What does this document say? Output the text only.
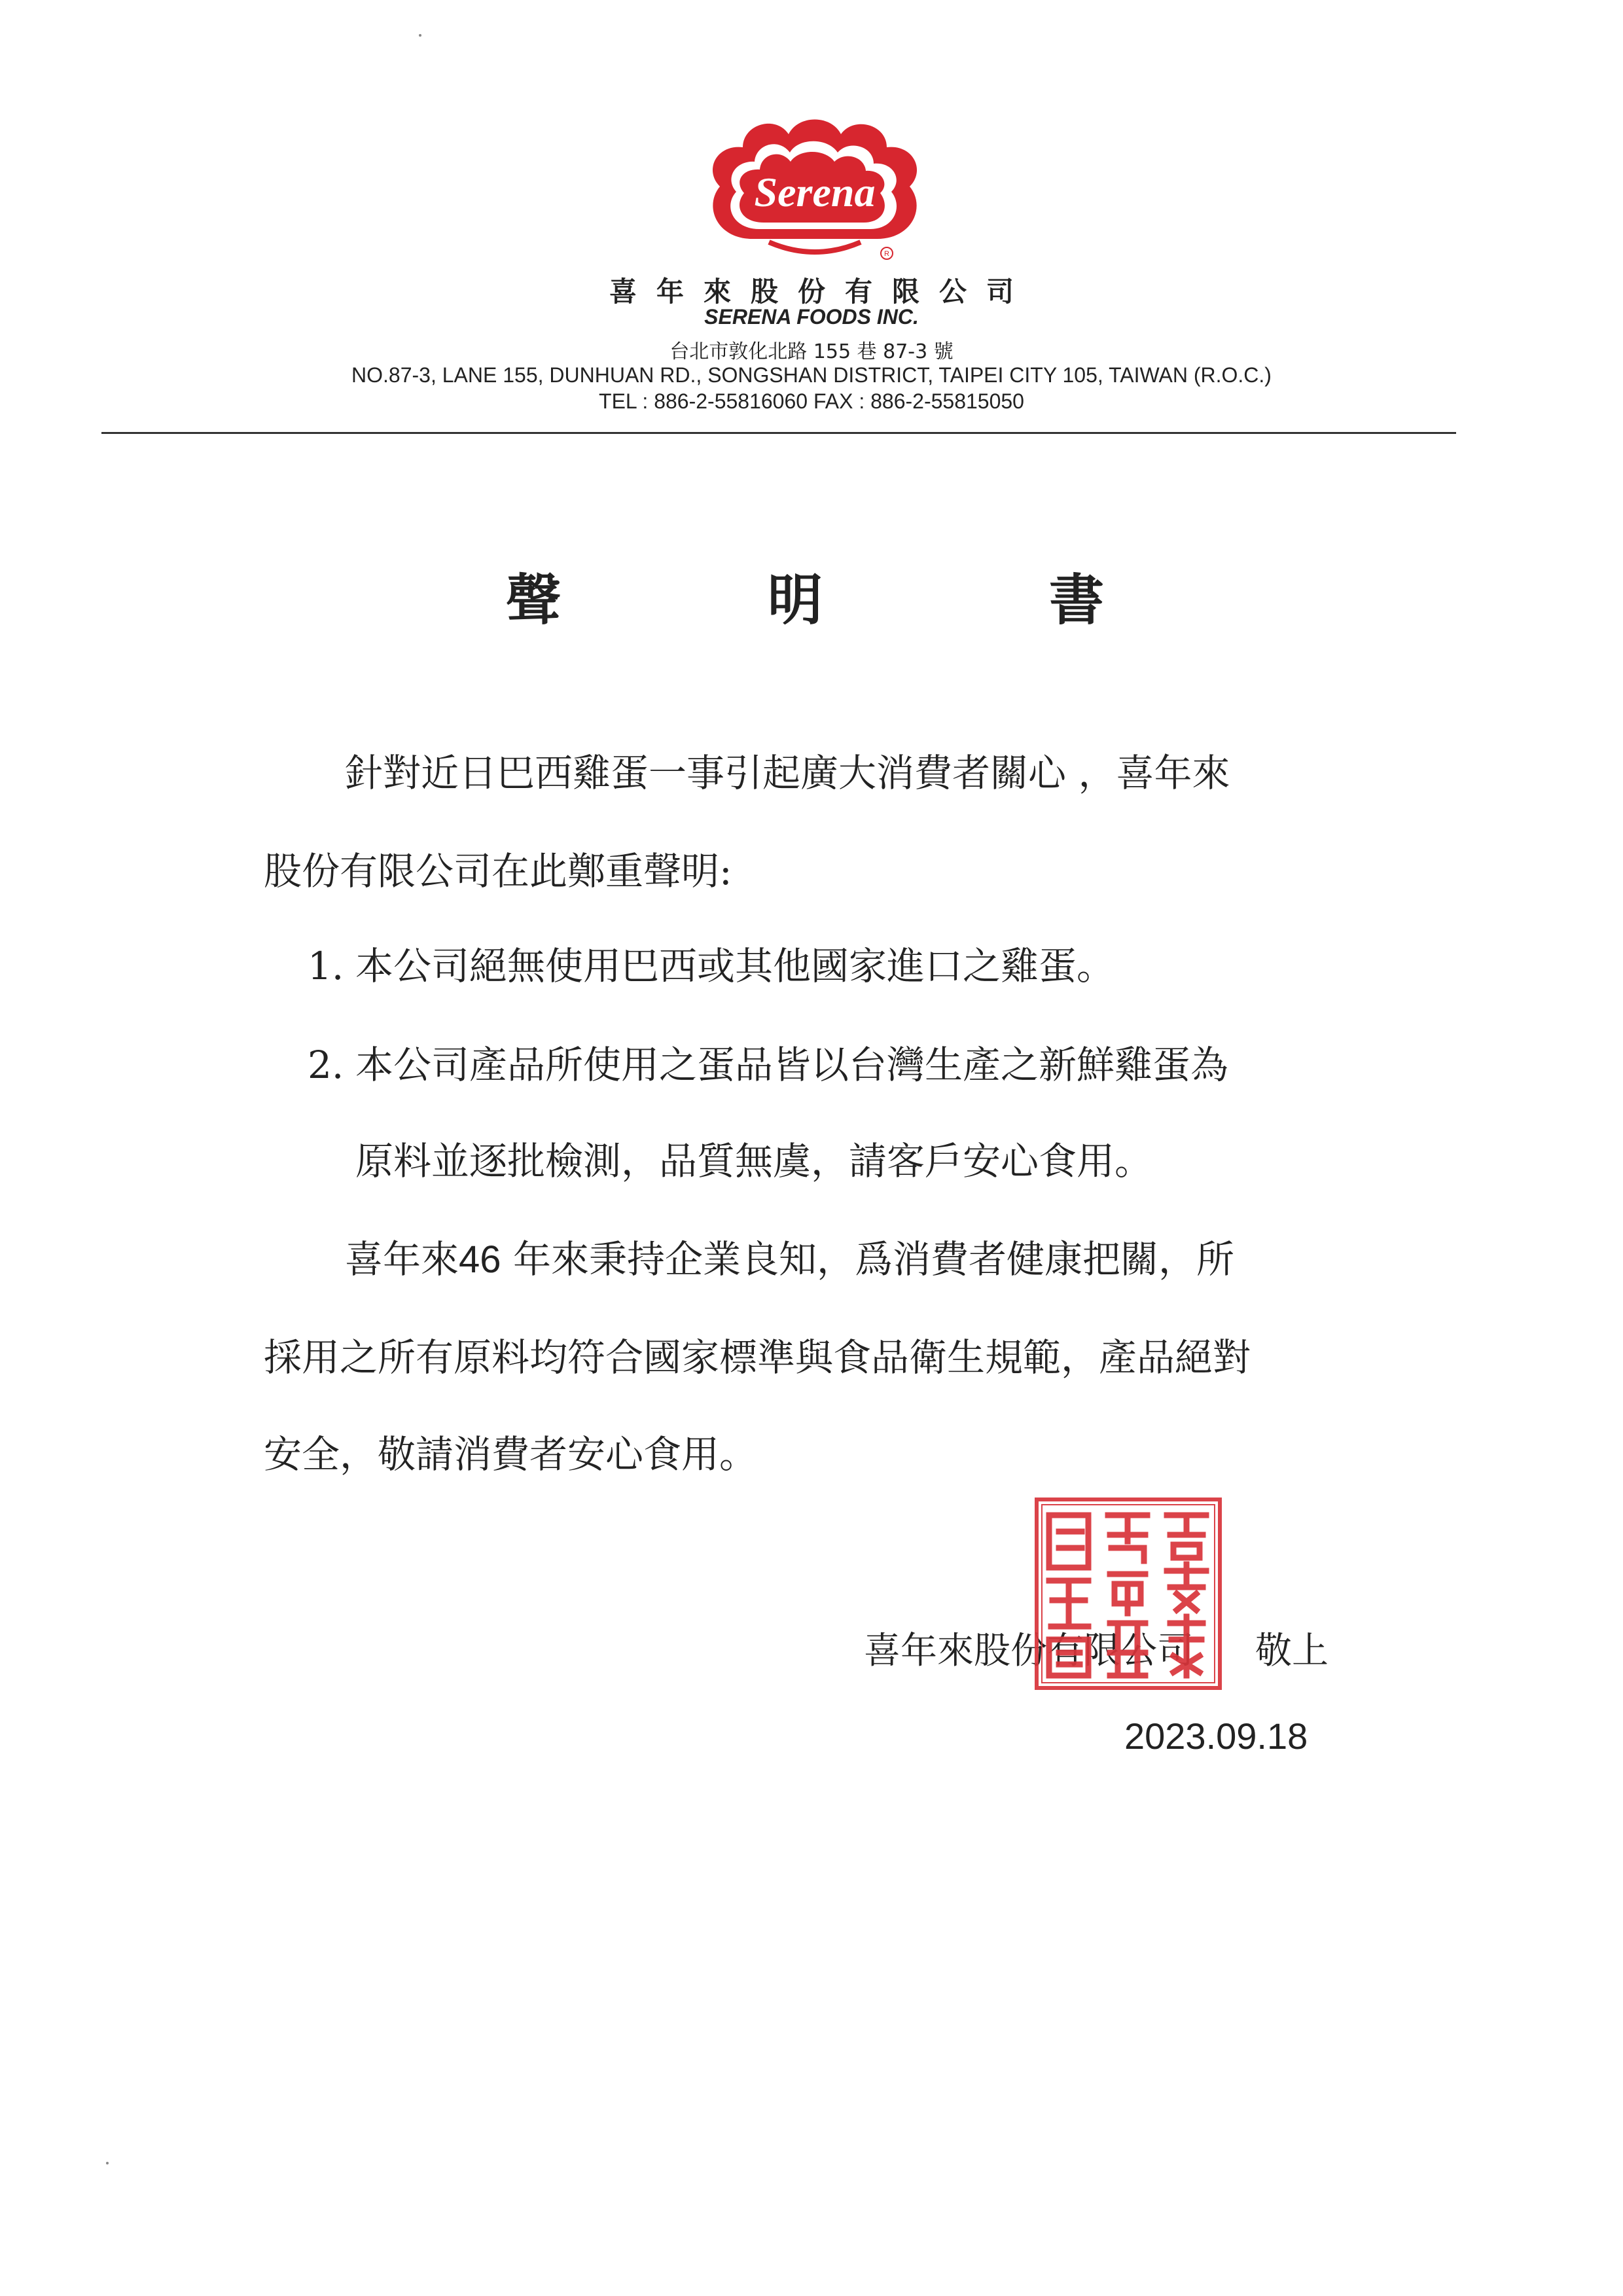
Serena
R
喜年來股份有限公司
SERENA FOODS INC.
台北市敦化北路 155 巷 87-3 號
NO.87-3, LANE 155, DUNHUAN RD., SONGSHAN DISTRICT, TAIPEI CITY 105, TAIWAN (R.O.C.)
TEL : 886-2-55816060 FAX : 886-2-55815050
聲	明	書
針對近日巴西雞蛋一事引起廣大消費者關心 ，喜年來
股份有限公司在此鄭重聲明:
1. 本公司絕無使用巴西或其他國家進口之雞蛋。
2. 本公司產品所使用之蛋品皆以台灣生產之新鮮雞蛋為
原料並逐批檢測，品質無虞，請客戶安心食用。
喜年來46 年來秉持企業良知，爲消費者健康把關，所
採用之所有原料均符合國家標準與食品衛生規範，產品絕對
安全，敬請消費者安心食用。
喜年來股份有限公司
喜年來股份有限公司
敬上
2023.09.18
